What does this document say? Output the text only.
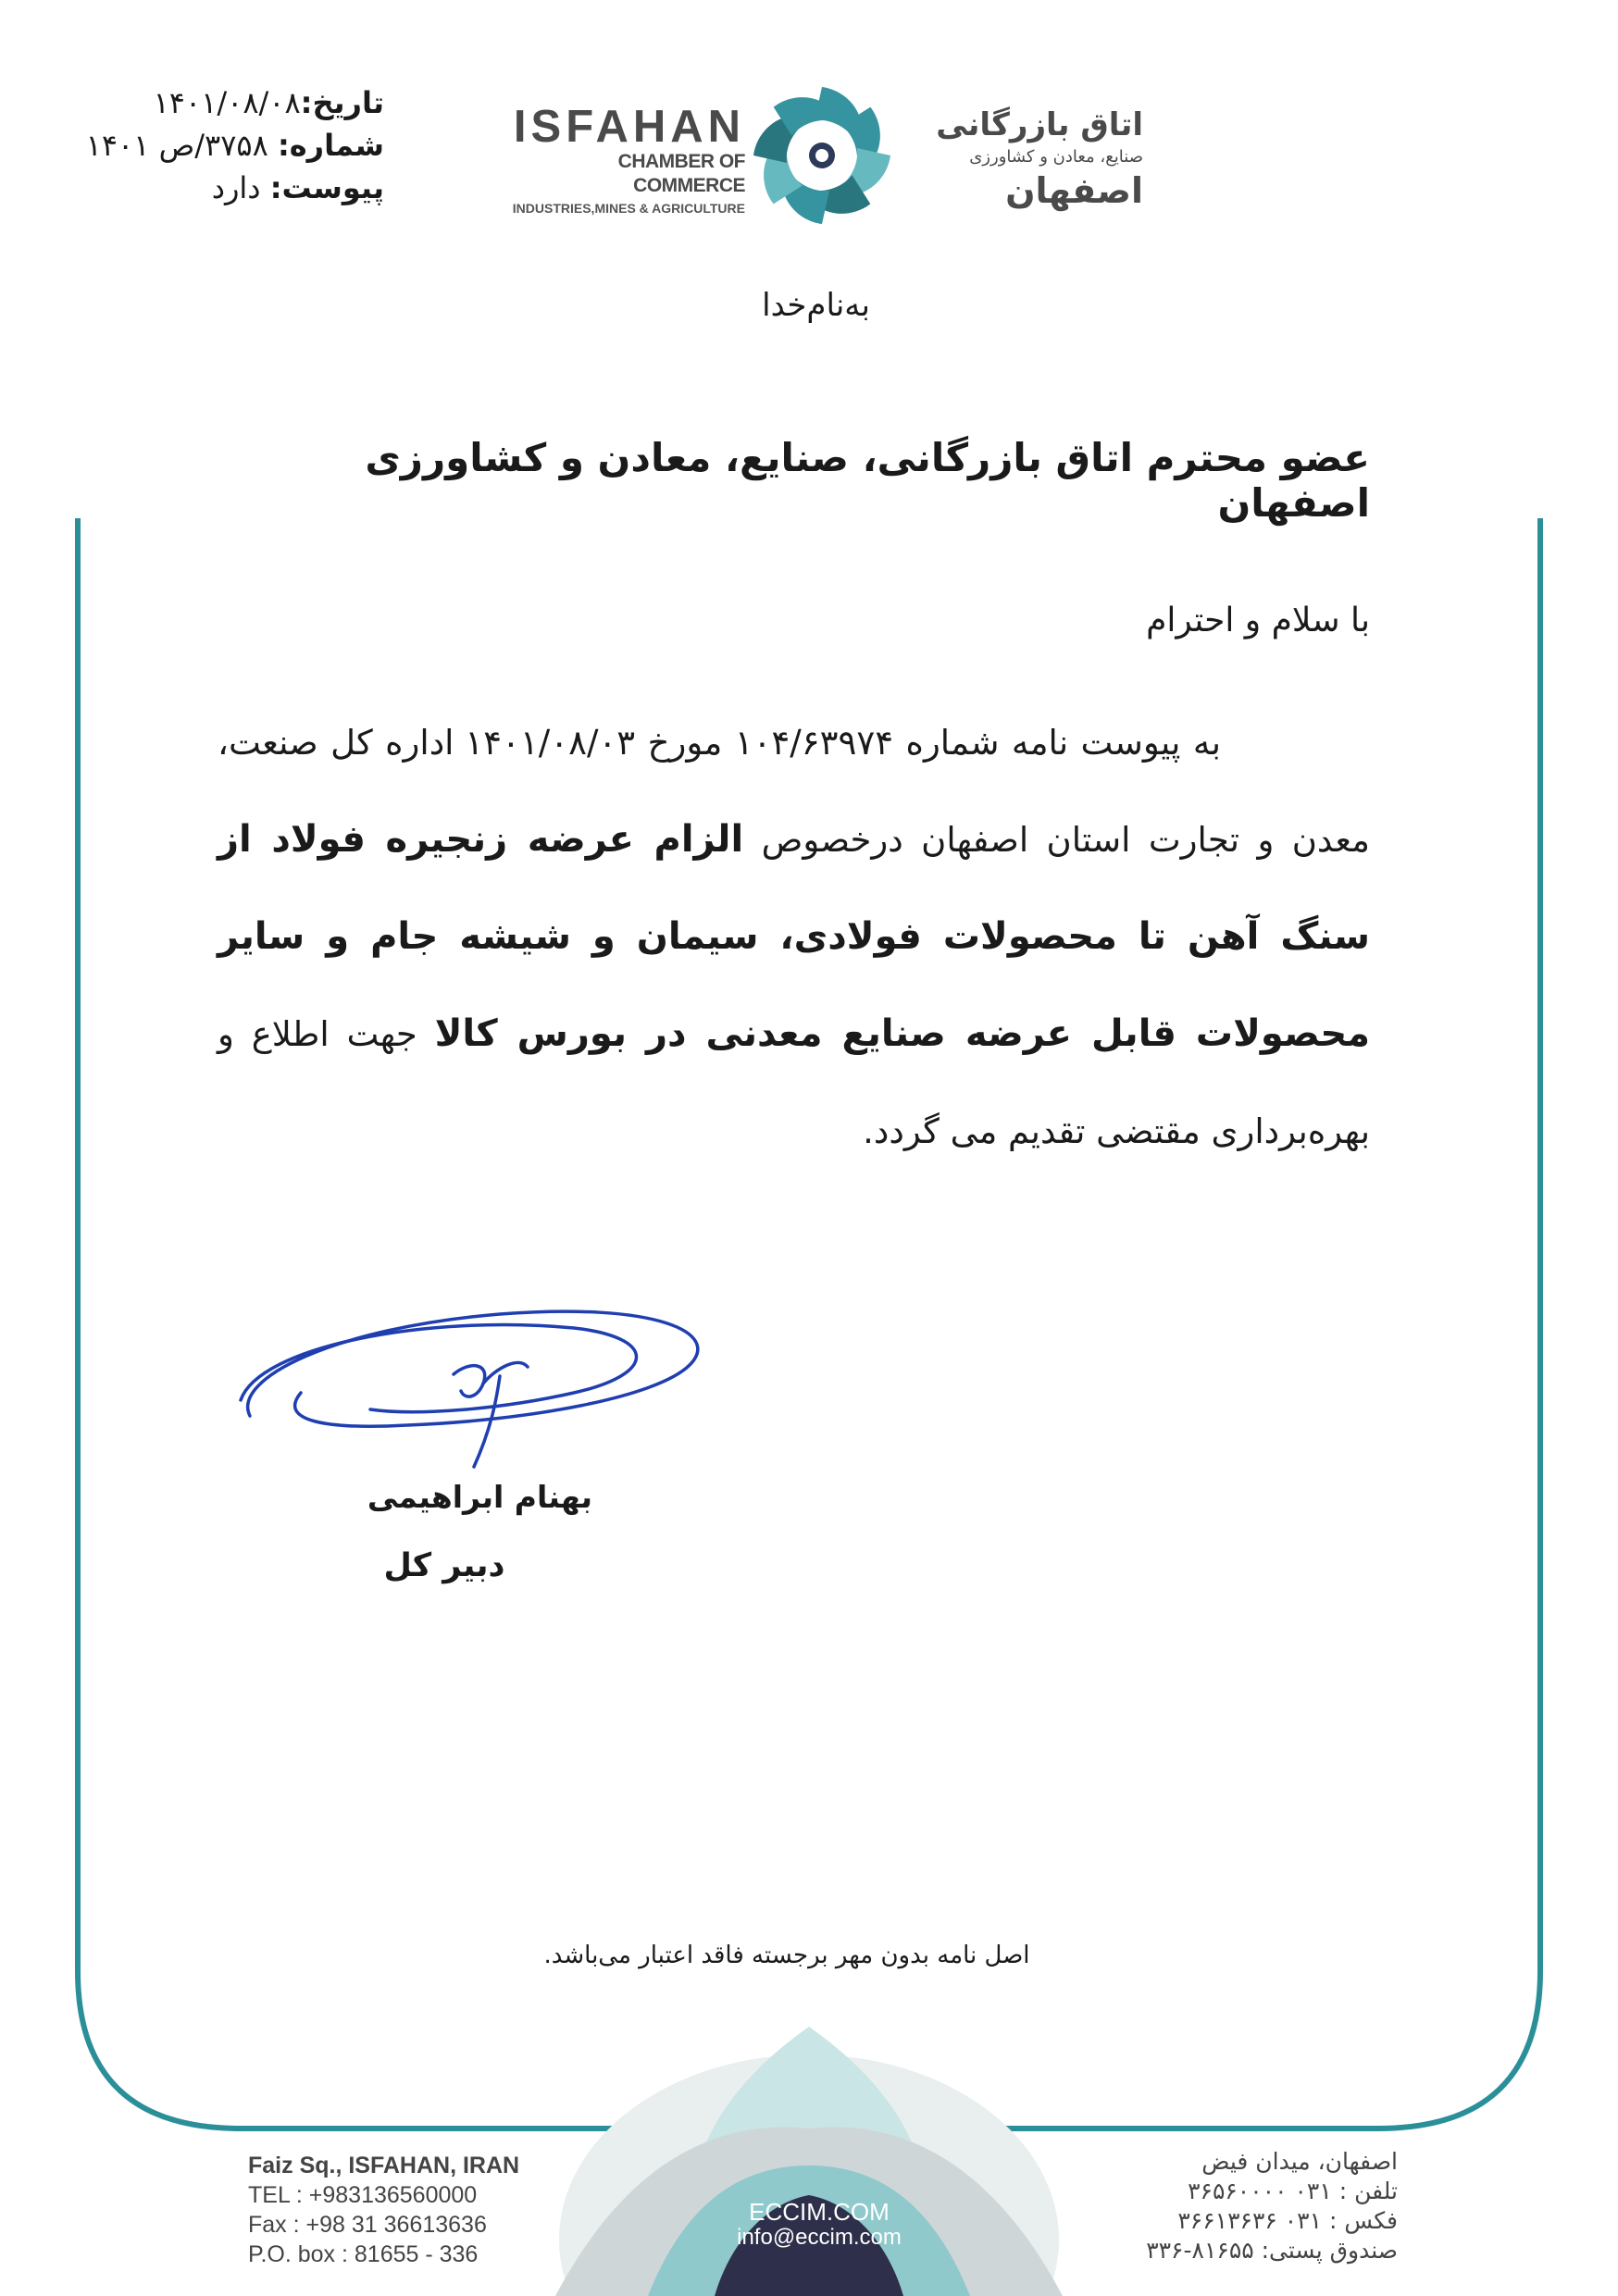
تاریخ:۱۴۰۱/۰۸/۰۸
شماره: ۳۷۵۸/ص ۱۴۰۱
پیوست: دارد
ISFAHAN
CHAMBER OF COMMERCE
INDUSTRIES,MINES & AGRICULTURE
اتاق بازرگانی
صنایع، معادن و کشاورزی
اصفهان
به‌نام‌خدا
عضو محترم اتاق بازرگانی، صنایع، معادن و کشاورزی اصفهان
با سلام و احترام
به پیوست نامه شماره ۱۰۴/۶۳۹۷۴ مورخ ۱۴۰۱/۰۸/۰۳ اداره کل صنعت، معدن و تجارت استان اصفهان درخصوص الزام عرضه زنجیره فولاد از سنگ آهن تا محصولات فولادی، سیمان و شیشه جام و سایر محصولات قابل عرضه صنایع معدنی در بورس کالا جهت اطلاع و بهره‌برداری مقتضی تقدیم می گردد.
بهنام ابراهیمی
دبیر کل
اصل نامه بدون مهر برجسته فاقد اعتبار می‌باشد.
Faiz Sq., ISFAHAN, IRAN
TEL : +983136560000
Fax : +98 31 36613636
P.O. box : 81655 - 336
ECCIM.COM
info@eccim.com
اصفهان، میدان فیض
تلفن : ۰۳۱ ۳۶۵۶۰۰۰۰
فکس : ۰۳۱ ۳۶۶۱۳۶۳۶
صندوق پستی: ۸۱۶۵۵-۳۳۶
